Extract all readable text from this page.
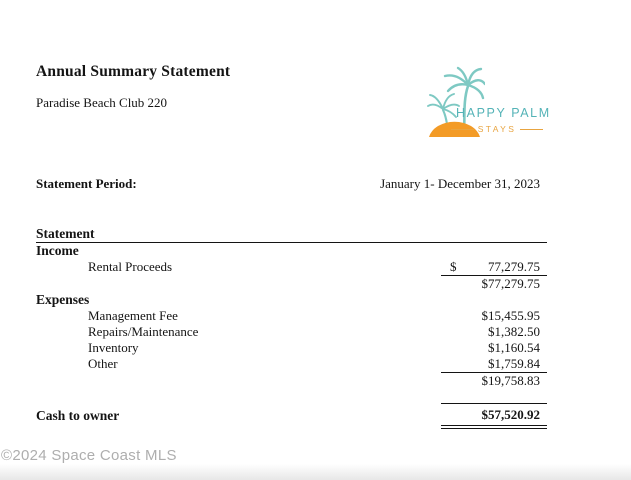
Annual Summary Statement
Paradise Beach Club 220
HAPPY PALM
STAYS
Statement Period:	January 1- December 31, 2023
Statement
Income
Rental Proceeds	$ 77,279.75
$77,279.75
Expenses
Management Fee	$15,455.95
Repairs/Maintenance	$1,382.50
Inventory	$1,160.54
Other	$1,759.84
$19,758.83
Cash to owner	$57,520.92
©2024 Space Coast MLS
